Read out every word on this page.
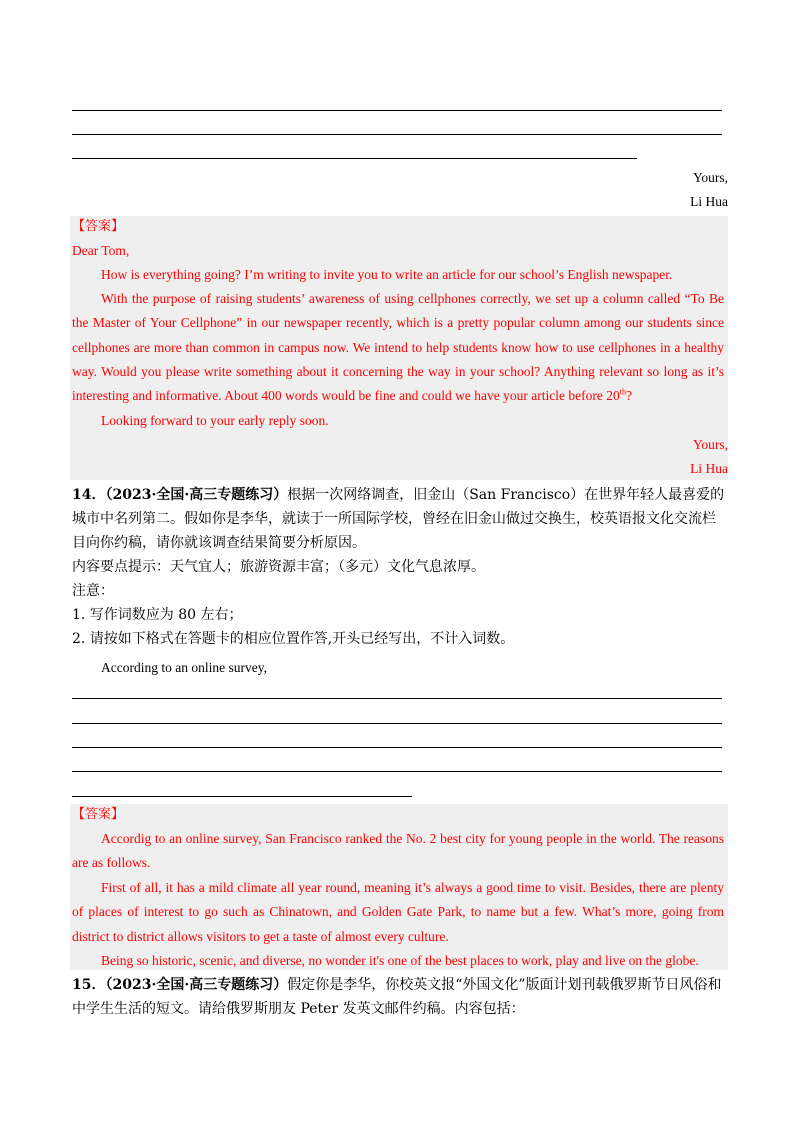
Yours,
Li Hua
【答案】
Dear Tom,
How is everything going? I’m writing to invite you to write an article for our school’s English newspaper.
With the purpose of raising students’ awareness of using cellphones correctly, we set up a column called “To Be the Master of Your Cellphone” in our newspaper recently, which is a pretty popular column among our students since cellphones are more than common in campus now. We intend to help students know how to use cellphones in a healthy way. Would you please write something about it concerning the way in your school? Anything relevant so long as it’s interesting and informative. About 400 words would be fine and could we have your article before 20th?
Looking forward to your early reply soon.
Yours,
Li Hua
14．（2023·全国·高三专题练习）根据一次网络调查，旧金山（San Francisco）在世界年轻人最喜爱的城市中名列第二。假如你是李华，就读于一所国际学校，曾经在旧金山做过交换生，校英语报文化交流栏目向你约稿，请你就该调查结果简要分析原因。
内容要点提示：天气宜人；旅游资源丰富；（多元）文化气息浓厚。
注意：
1. 写作词数应为 80 左右；
2. 请按如下格式在答题卡的相应位置作答,开头已经写出，不计入词数。
According to an online survey,
【答案】
Accordig to an online survey, San Francisco ranked the No. 2 best city for young people in the world. The reasons are as follows.
First of all, it has a mild climate all year round, meaning it’s always a good time to visit. Besides, there are plenty of places of interest to go such as Chinatown, and Golden Gate Park, to name but a few. What’s more, going from district to district allows visitors to get a taste of almost every culture.
Being so historic, scenic, and diverse, no wonder it's one of the best places to work, play and live on the globe.
15．（2023·全国·高三专题练习）假定你是李华，你校英文报“外国文化”版面计划刊载俄罗斯节日风俗和中学生生活的短文。请给俄罗斯朋友 Peter 发英文邮件约稿。内容包括：
